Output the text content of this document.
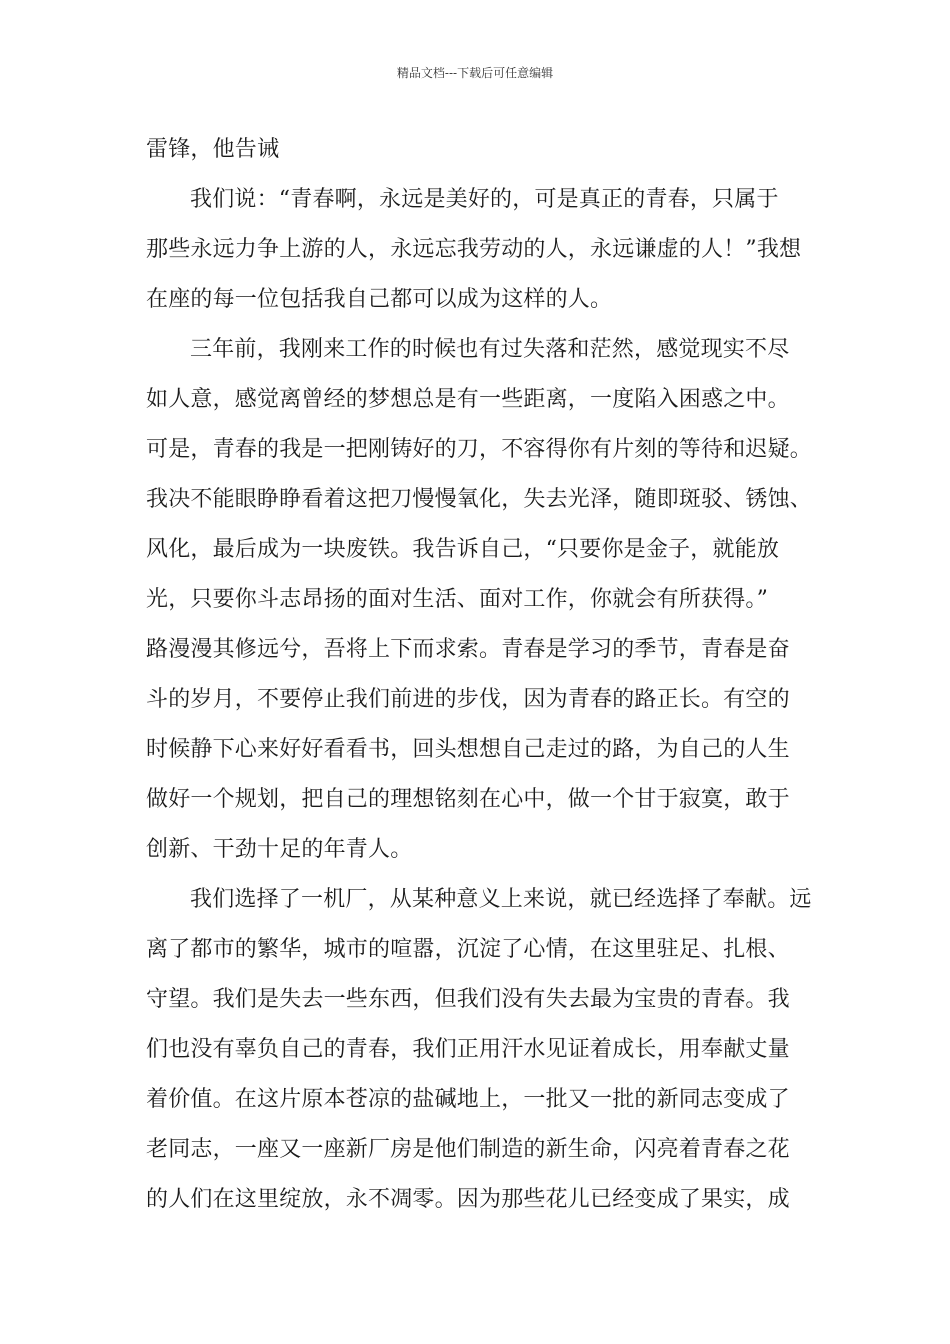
精品文档---下载后可任意编辑
雷锋，他告诫
我们说：“青春啊，永远是美好的，可是真正的青春，只属于
那些永远力争上游的人，永远忘我劳动的人，永远谦虚的人！”我想
在座的每一位包括我自己都可以成为这样的人。
三年前，我刚来工作的时候也有过失落和茫然，感觉现实不尽
如人意，感觉离曾经的梦想总是有一些距离，一度陷入困惑之中。
可是，青春的我是一把刚铸好的刀，不容得你有片刻的等待和迟疑。
我决不能眼睁睁看着这把刀慢慢氧化，失去光泽，随即斑驳、锈蚀、
风化，最后成为一块废铁。我告诉自己，“只要你是金子，就能放
光，只要你斗志昂扬的面对生活、面对工作，你就会有所获得。”
路漫漫其修远兮，吾将上下而求索。青春是学习的季节，青春是奋
斗的岁月，不要停止我们前进的步伐，因为青春的路正长。有空的
时候静下心来好好看看书，回头想想自己走过的路，为自己的人生
做好一个规划，把自己的理想铭刻在心中，做一个甘于寂寞，敢于
创新、干劲十足的年青人。
我们选择了一机厂，从某种意义上来说，就已经选择了奉献。远
离了都市的繁华，城市的喧嚣，沉淀了心情，在这里驻足、扎根、
守望。我们是失去一些东西，但我们没有失去最为宝贵的青春。我
们也没有辜负自己的青春，我们正用汗水见证着成长，用奉献丈量
着价值。在这片原本苍凉的盐碱地上，一批又一批的新同志变成了
老同志，一座又一座新厂房是他们制造的新生命，闪亮着青春之花
的人们在这里绽放，永不凋零。因为那些花儿已经变成了果实，成
